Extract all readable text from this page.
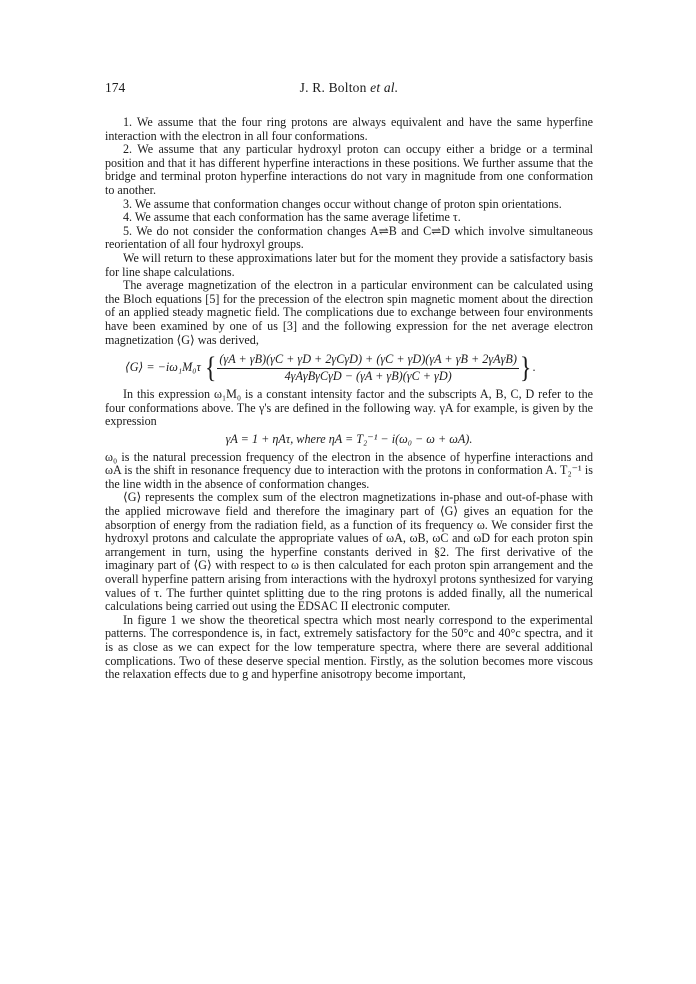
174	J. R. Bolton et al.

1. We assume that the four ring protons are always equivalent and have the same hyperfine interaction with the electron in all four conformations.

2. We assume that any particular hydroxyl proton can occupy either a bridge or a terminal position and that it has different hyperfine interactions in these positions. We further assume that the bridge and terminal proton hyperfine interactions do not vary in magnitude from one conformation to another.

3. We assume that conformation changes occur without change of proton spin orientations.

4. We assume that each conformation has the same average lifetime τ.

5. We do not consider the conformation changes A⇌B and C⇌D which involve simultaneous reorientation of all four hydroxyl groups.

We will return to these approximations later but for the moment they provide a satisfactory basis for line shape calculations.

The average magnetization of the electron in a particular environment can be calculated using the Bloch equations [5] for the precession of the electron spin magnetic moment about the direction of an applied steady magnetic field. The complications due to exchange between four environments have been examined by one of us [3] and the following expression for the net average electron magnetization ⟨G⟩ was derived,

⟨G⟩ = −iω₁M₀τ { $\frac{\text{(γA + γB)(γC + γD + 2γCγD) + (γC + γD)(γA + γB + 2γAγB)}}{\text{4γAγBγCγD − (γA + γB)(γC + γD)}}$ } .

In this expression ω₁M₀ is a constant intensity factor and the subscripts A, B, C, D refer to the four conformations above. The γ's are defined in the following way. γA for example, is given by the expression

γA = 1 + ηAτ, where ηA = T₂⁻¹ − i(ω₀ − ω + ωA).

ω₀ is the natural precession frequency of the electron in the absence of hyperfine interactions and ωA is the shift in resonance frequency due to interaction with the protons in conformation A. T₂⁻¹ is the line width in the absence of conformation changes.

⟨G⟩ represents the complex sum of the electron magnetizations in-phase and out-of-phase with the applied microwave field and therefore the imaginary part of ⟨G⟩ gives an equation for the absorption of energy from the radiation field, as a function of its frequency ω. We consider first the hydroxyl protons and calculate the appropriate values of ωA, ωB, ωC and ωD for each proton spin arrangement in turn, using the hyperfine constants derived in §2. The first derivative of the imaginary part of ⟨G⟩ with respect to ω is then calculated for each proton spin arrangement and the overall hyperfine pattern arising from interactions with the hydroxyl protons synthesized for varying values of τ. The further quintet splitting due to the ring protons is added finally, all the numerical calculations being carried out using the EDSAC II electronic computer.

In figure 1 we show the theoretical spectra which most nearly correspond to the experimental patterns. The correspondence is, in fact, extremely satisfactory for the 50°c and 40°c spectra, and it is as close as we can expect for the low temperature spectra, where there are several additional complications. Two of these deserve special mention. Firstly, as the solution becomes more viscous the relaxation effects due to g and hyperfine anisotropy become important,
